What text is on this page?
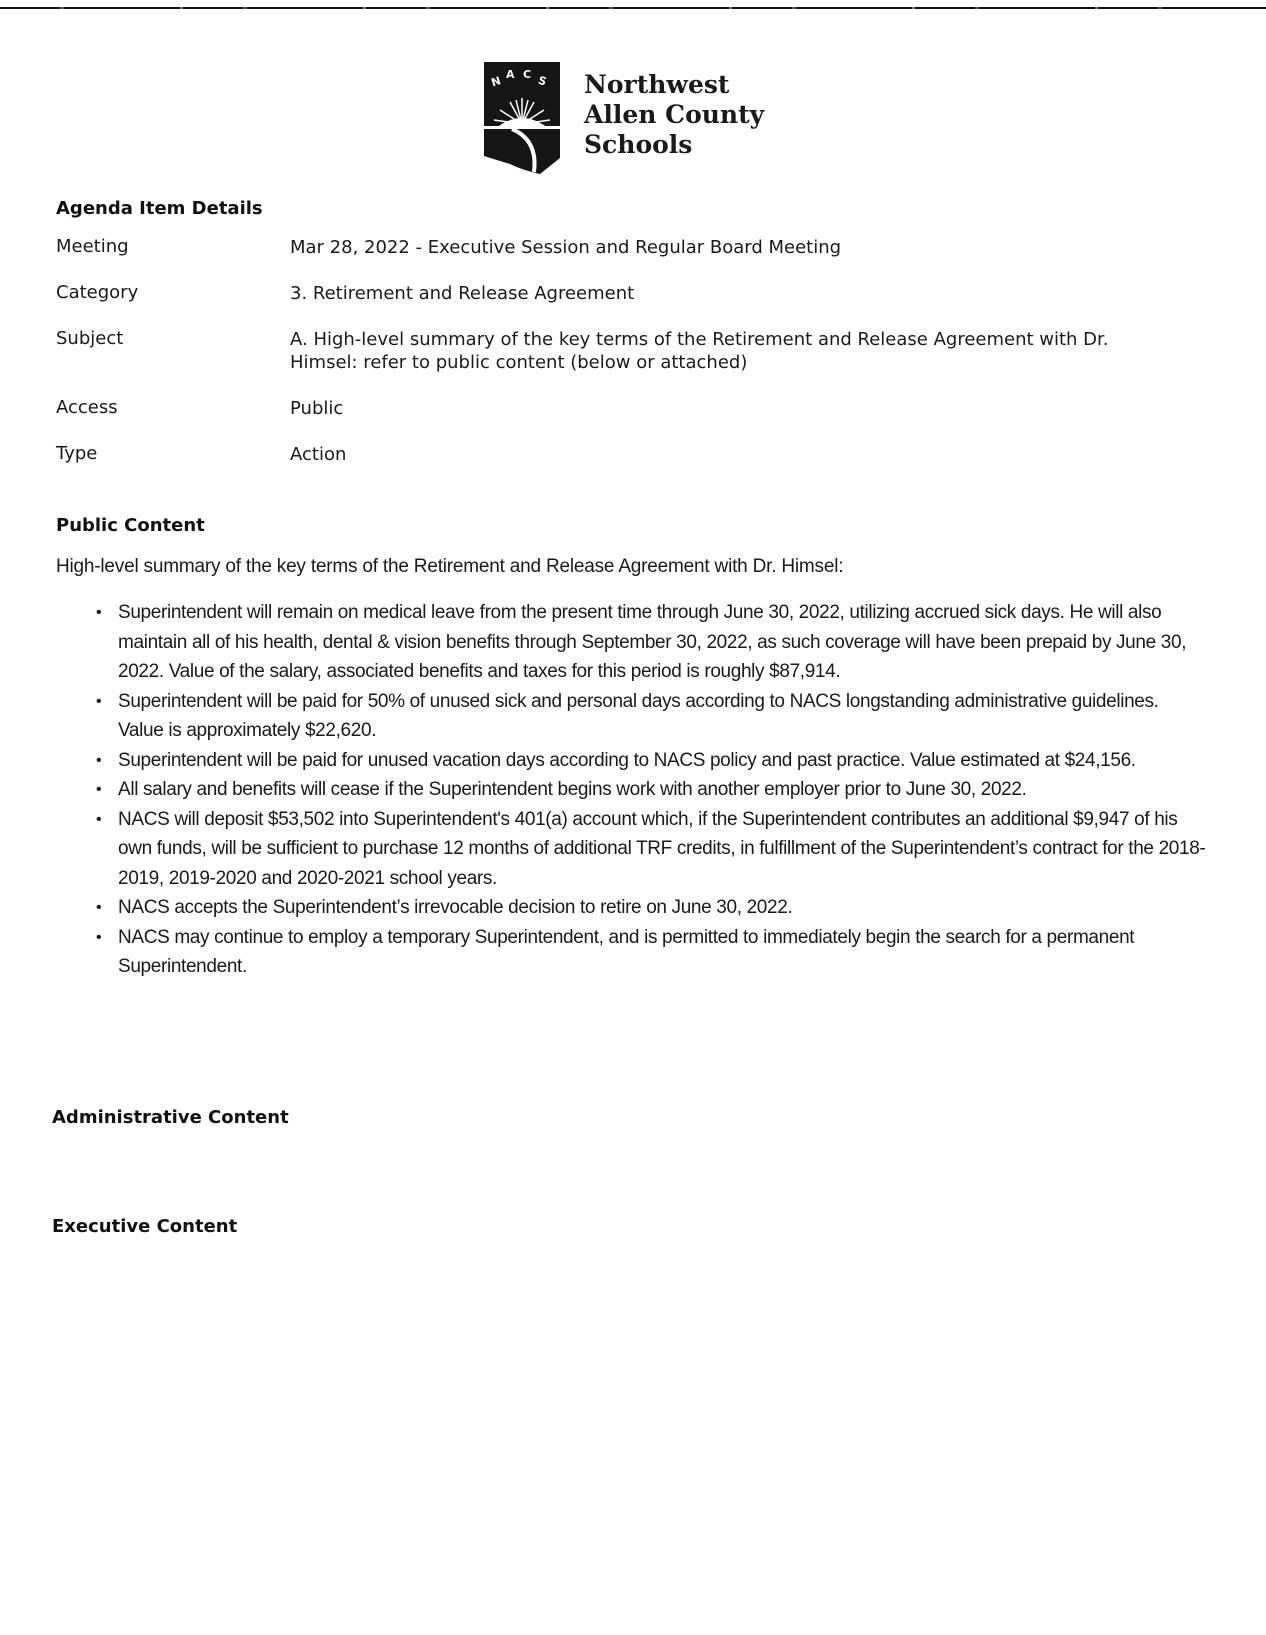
N A C S Northwest
Allen County
Schools
Agenda Item Details
Meeting	Mar 28, 2022 - Executive Session and Regular Board Meeting
Category	3. Retirement and Release Agreement
Subject	A. High-level summary of the key terms of the Retirement and Release Agreement with Dr. Himsel: refer to public content (below or attached)
Access	Public
Type	Action
Public Content
High-level summary of the key terms of the Retirement and Release Agreement with Dr. Himsel:
• Superintendent will remain on medical leave from the present time through June 30, 2022, utilizing accrued sick days. He will also maintain all of his health, dental & vision benefits through September 30, 2022, as such coverage will have been prepaid by June 30, 2022. Value of the salary, associated benefits and taxes for this period is roughly $87,914.
• Superintendent will be paid for 50% of unused sick and personal days according to NACS longstanding administrative guidelines. Value is approximately $22,620.
• Superintendent will be paid for unused vacation days according to NACS policy and past practice. Value estimated at $24,156.
• All salary and benefits will cease if the Superintendent begins work with another employer prior to June 30, 2022.
• NACS will deposit $53,502 into Superintendent's 401(a) account which, if the Superintendent contributes an additional $9,947 of his own funds, will be sufficient to purchase 12 months of additional TRF credits, in fulfillment of the Superintendent’s contract for the 2018-2019, 2019-2020 and 2020-2021 school years.
• NACS accepts the Superintendent’s irrevocable decision to retire on June 30, 2022.
• NACS may continue to employ a temporary Superintendent, and is permitted to immediately begin the search for a permanent Superintendent.
Administrative Content
Executive Content
